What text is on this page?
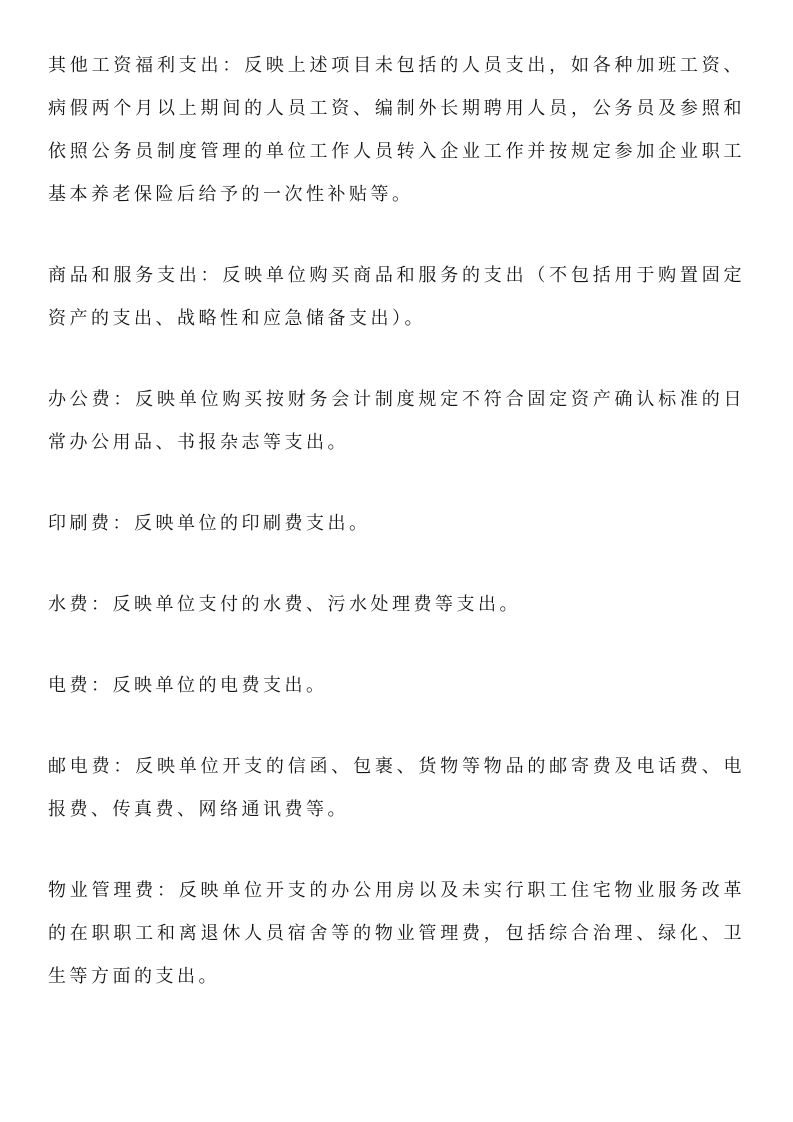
其他工资福利支出：反映上述项目未包括的人员支出，如各种加班工资、病假两个月以上期间的人员工资、编制外长期聘用人员，公务员及参照和依照公务员制度管理的单位工作人员转入企业工作并按规定参加企业职工基本养老保险后给予的一次性补贴等。

商品和服务支出：反映单位购买商品和服务的支出（不包括用于购置固定资产的支出、战略性和应急储备支出）。

办公费：反映单位购买按财务会计制度规定不符合固定资产确认标准的日常办公用品、书报杂志等支出。

印刷费：反映单位的印刷费支出。

水费：反映单位支付的水费、污水处理费等支出。

电费：反映单位的电费支出。

邮电费：反映单位开支的信函、包裹、货物等物品的邮寄费及电话费、电报费、传真费、网络通讯费等。

物业管理费：反映单位开支的办公用房以及未实行职工住宅物业服务改革的在职职工和离退休人员宿舍等的物业管理费，包括综合治理、绿化、卫生等方面的支出。
